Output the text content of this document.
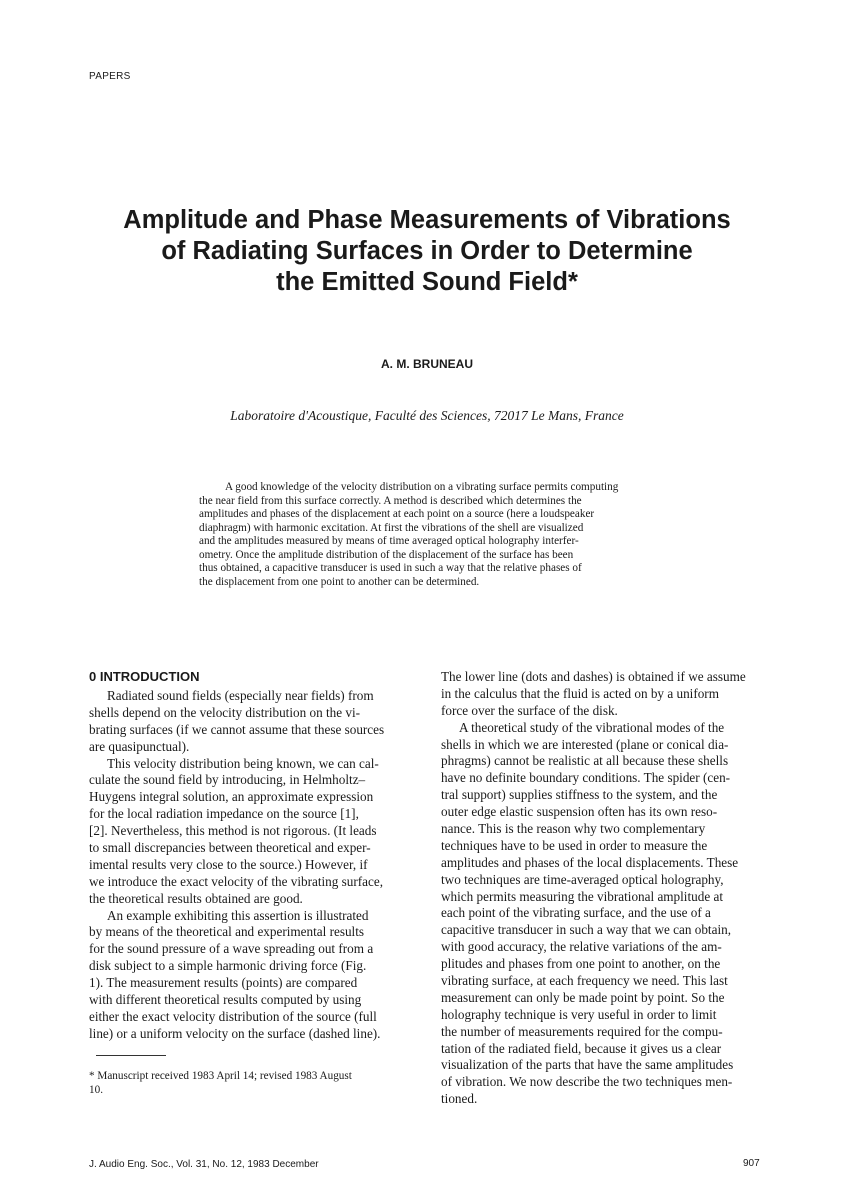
PAPERS
Amplitude and Phase Measurements of Vibrations
of Radiating Surfaces in Order to Determine
the Emitted Sound Field*
A. M. BRUNEAU
Laboratoire d'Acoustique, Faculté des Sciences, 72017 Le Mans, France
A good knowledge of the velocity distribution on a vibrating surface permits computing
the near field from this surface correctly. A method is described which determines the
amplitudes and phases of the displacement at each point on a source (here a loudspeaker
diaphragm) with harmonic excitation. At first the vibrations of the shell are visualized
and the amplitudes measured by means of time averaged optical holography interfer-
ometry. Once the amplitude distribution of the displacement of the surface has been
thus obtained, a capacitive transducer is used in such a way that the relative phases of
the displacement from one point to another can be determined.
0 INTRODUCTION
Radiated sound fields (especially near fields) from
shells depend on the velocity distribution on the vi-
brating surfaces (if we cannot assume that these sources
are quasipunctual).
This velocity distribution being known, we can cal-
culate the sound field by introducing, in Helmholtz–
Huygens integral solution, an approximate expression
for the local radiation impedance on the source [1],
[2]. Nevertheless, this method is not rigorous. (It leads
to small discrepancies between theoretical and exper-
imental results very close to the source.) However, if
we introduce the exact velocity of the vibrating surface,
the theoretical results obtained are good.
An example exhibiting this assertion is illustrated
by means of the theoretical and experimental results
for the sound pressure of a wave spreading out from a
disk subject to a simple harmonic driving force (Fig.
1). The measurement results (points) are compared
with different theoretical results computed by using
either the exact velocity distribution of the source (full
line) or a uniform velocity on the surface (dashed line).
The lower line (dots and dashes) is obtained if we assume
in the calculus that the fluid is acted on by a uniform
force over the surface of the disk.
A theoretical study of the vibrational modes of the
shells in which we are interested (plane or conical dia-
phragms) cannot be realistic at all because these shells
have no definite boundary conditions. The spider (cen-
tral support) supplies stiffness to the system, and the
outer edge elastic suspension often has its own reso-
nance. This is the reason why two complementary
techniques have to be used in order to measure the
amplitudes and phases of the local displacements. These
two techniques are time-averaged optical holography,
which permits measuring the vibrational amplitude at
each point of the vibrating surface, and the use of a
capacitive transducer in such a way that we can obtain,
with good accuracy, the relative variations of the am-
plitudes and phases from one point to another, on the
vibrating surface, at each frequency we need. This last
measurement can only be made point by point. So the
holography technique is very useful in order to limit
the number of measurements required for the compu-
tation of the radiated field, because it gives us a clear
visualization of the parts that have the same amplitudes
of vibration. We now describe the two techniques men-
tioned.
* Manuscript received 1983 April 14; revised 1983 August
10.
J. Audio Eng. Soc., Vol. 31, No. 12, 1983 December	907
